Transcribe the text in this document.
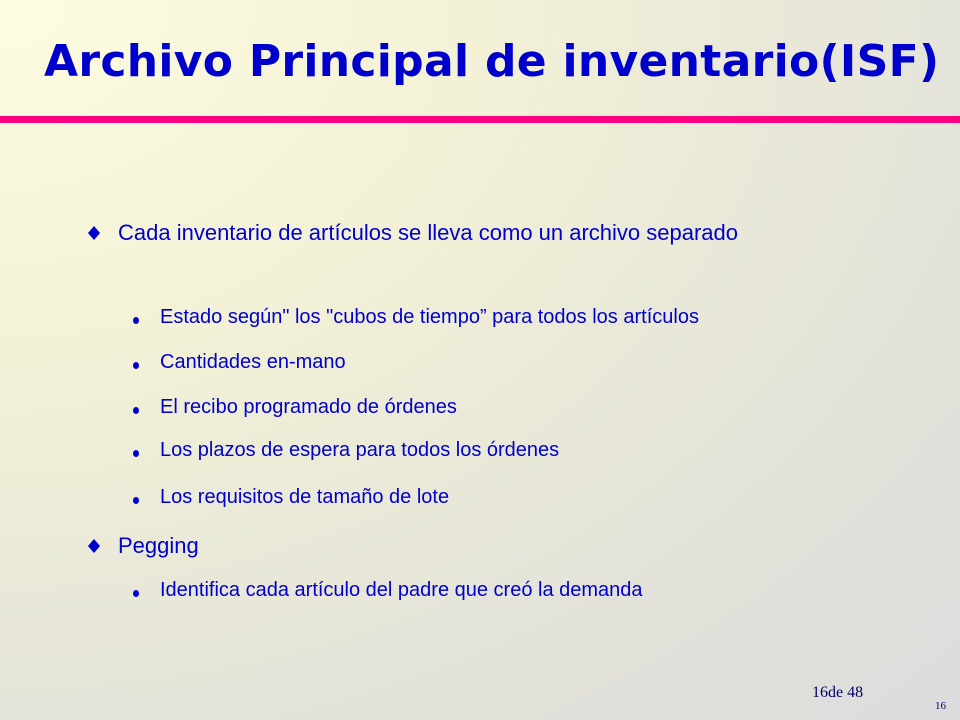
Archivo Principal de inventario(ISF)
Cada inventario de artículos se lleva como un archivo separado
Estado según" los "cubos de tiempo” para todos los artículos
Cantidades en-mano
El recibo programado de órdenes
Los plazos de espera para todos los órdenes
Los requisitos de tamaño de lote
Pegging
Identifica cada artículo del padre que creó la demanda
16de 48
16
